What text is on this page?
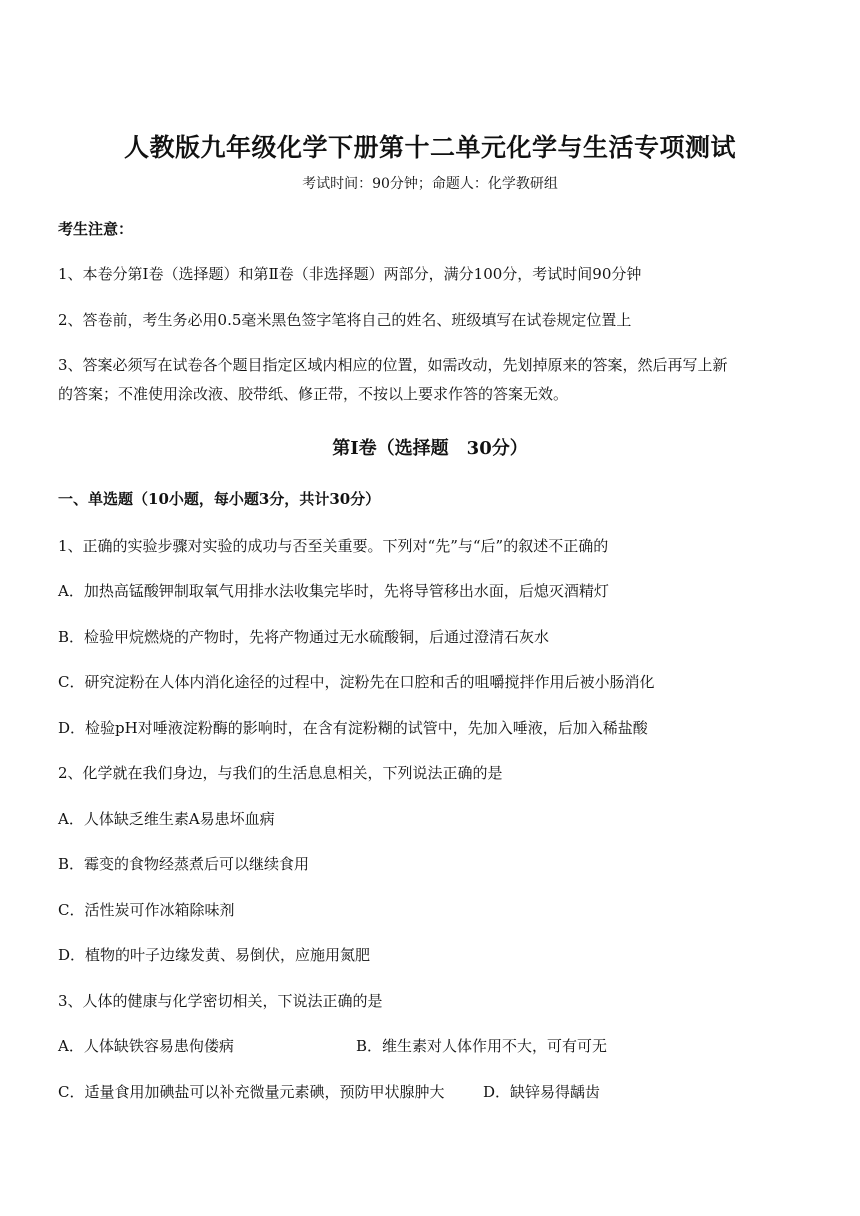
人教版九年级化学下册第十二单元化学与生活专项测试
考试时间：90分钟；命题人：化学教研组
考生注意：
1、本卷分第Ⅰ卷（选择题）和第Ⅱ卷（非选择题）两部分，满分100分，考试时间90分钟
2、答卷前，考生务必用0.5毫米黑色签字笔将自己的姓名、班级填写在试卷规定位置上
3、答案必须写在试卷各个题目指定区域内相应的位置，如需改动，先划掉原来的答案，然后再写上新
的答案；不准使用涂改液、胶带纸、修正带，不按以上要求作答的答案无效。
第Ⅰ卷（选择题　30分）
一、单选题（10小题，每小题3分，共计30分）
1、正确的实验步骤对实验的成功与否至关重要。下列对“先”与“后”的叙述不正确的
A．加热高锰酸钾制取氧气用排水法收集完毕时，先将导管移出水面，后熄灭酒精灯
B．检验甲烷燃烧的产物时，先将产物通过无水硫酸铜，后通过澄清石灰水
C．研究淀粉在人体内消化途径的过程中，淀粉先在口腔和舌的咀嚼搅拌作用后被小肠消化
D．检验pH对唾液淀粉酶的影响时，在含有淀粉糊的试管中，先加入唾液，后加入稀盐酸
2、化学就在我们身边，与我们的生活息息相关，下列说法正确的是
A．人体缺乏维生素A易患坏血病
B．霉变的食物经蒸煮后可以继续食用
C．活性炭可作冰箱除味剂
D．植物的叶子边缘发黄、易倒伏，应施用氮肥
3、人体的健康与化学密切相关，下说法正确的是
A．人体缺铁容易患佝偻病	B．维生素对人体作用不大，可有可无
C．适量食用加碘盐可以补充微量元素碘，预防甲状腺肿大	D．缺锌易得龋齿
